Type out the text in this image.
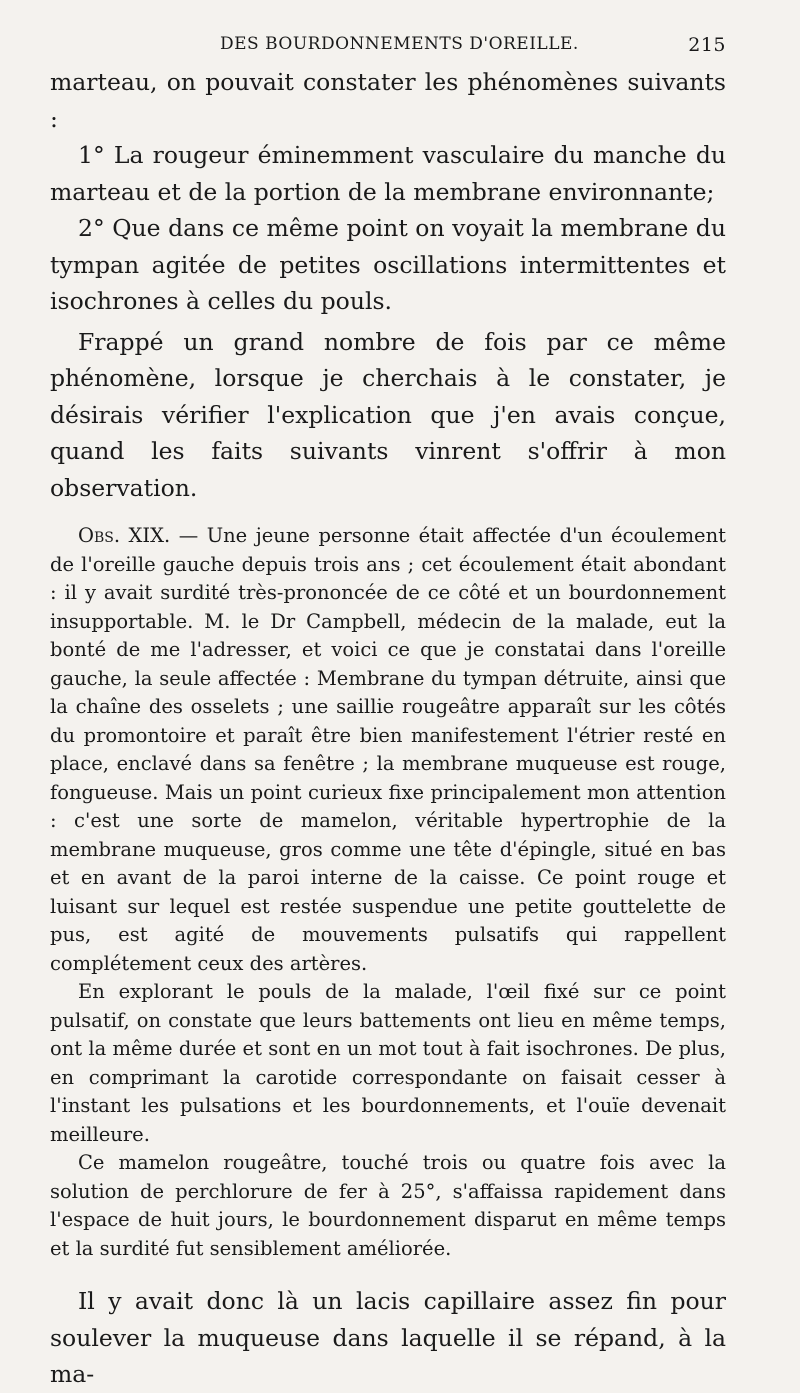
DES BOURDONNEMENTS D'OREILLE.	215

marteau, on pouvait constater les phénomènes suivants :

1° La rougeur éminemment vasculaire du manche du marteau et de la portion de la membrane environnante;

2° Que dans ce même point on voyait la membrane du tympan agitée de petites oscillations intermittentes et isochrones à celles du pouls.

Frappé un grand nombre de fois par ce même phénomène, lorsque je cherchais à le constater, je désirais vérifier l'explication que j'en avais conçue, quand les faits suivants vinrent s'offrir à mon observation.

Obs. XIX. — Une jeune personne était affectée d'un écoulement de l'oreille gauche depuis trois ans ; cet écoulement était abondant : il y avait surdité très-prononcée de ce côté et un bourdonnement insupportable. M. le Dr Campbell, médecin de la malade, eut la bonté de me l'adresser, et voici ce que je constatai dans l'oreille gauche, la seule affectée : Membrane du tympan détruite, ainsi que la chaîne des osselets ; une saillie rougeâtre apparaît sur les côtés du promontoire et paraît être bien manifestement l'étrier resté en place, enclavé dans sa fenêtre ; la membrane muqueuse est rouge, fongueuse. Mais un point curieux fixe principalement mon attention : c'est une sorte de mamelon, véritable hypertrophie de la membrane muqueuse, gros comme une tête d'épingle, situé en bas et en avant de la paroi interne de la caisse. Ce point rouge et luisant sur lequel est restée suspendue une petite gouttelette de pus, est agité de mouvements pulsatifs qui rappellent complétement ceux des artères.

En explorant le pouls de la malade, l'œil fixé sur ce point pulsatif, on constate que leurs battements ont lieu en même temps, ont la même durée et sont en un mot tout à fait isochrones. De plus, en comprimant la carotide correspondante on faisait cesser à l'instant les pulsations et les bourdonnements, et l'ouïe devenait meilleure.

Ce mamelon rougeâtre, touché trois ou quatre fois avec la solution de perchlorure de fer à 25°, s'affaissa rapidement dans l'espace de huit jours, le bourdonnement disparut en même temps et la surdité fut sensiblement améliorée.

Il y avait donc là un lacis capillaire assez fin pour soulever la muqueuse dans laquelle il se répand, à la ma-
